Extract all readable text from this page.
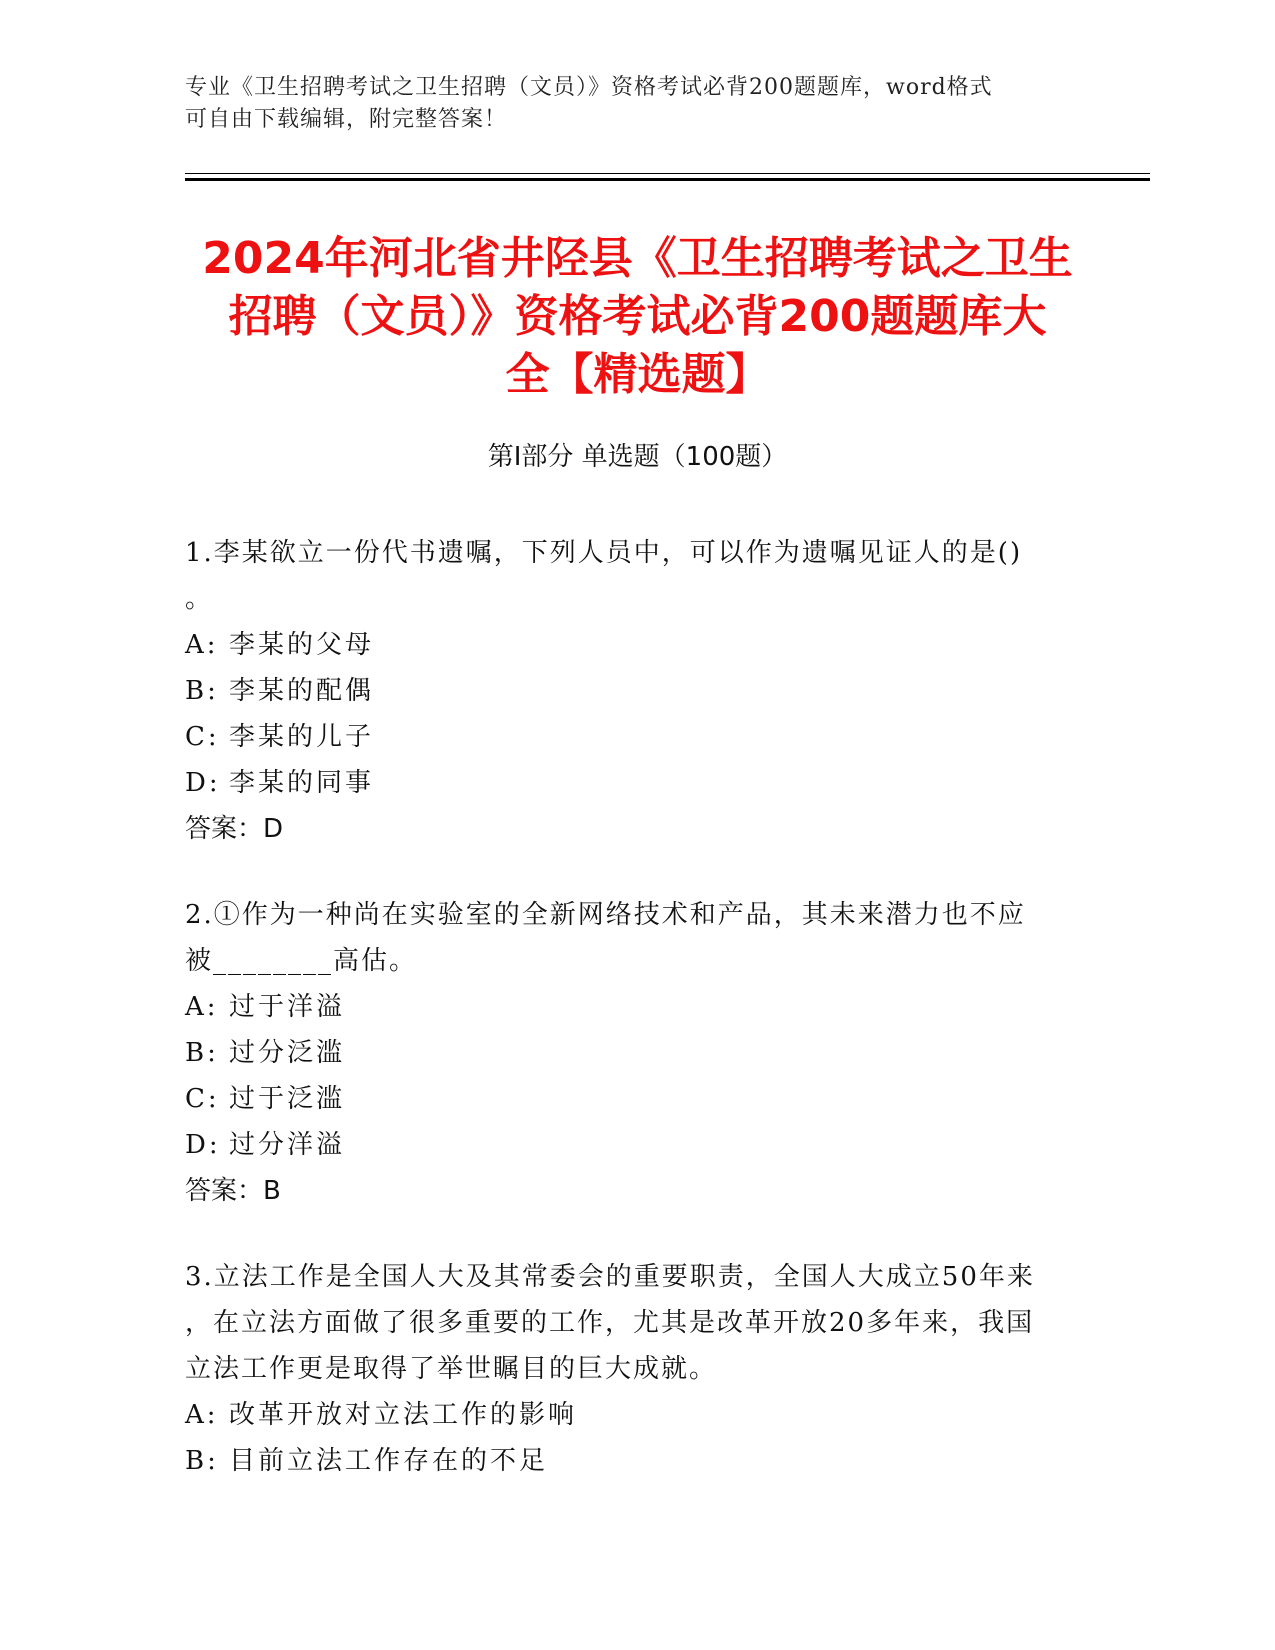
专业《卫生招聘考试之卫生招聘（文员）》资格考试必背200题题库，word格式
可自由下载编辑，附完整答案！
2024年河北省井陉县《卫生招聘考试之卫生
招聘（文员）》资格考试必背200题题库大
全【精选题】
第Ⅰ部分 单选题（100题）
1.李某欲立一份代书遗嘱，下列人员中，可以作为遗嘱见证人的是()
。
A: 李某的父母
B: 李某的配偶
C: 李某的儿子
D: 李某的同事
答案：D
2.①作为一种尚在实验室的全新网络技术和产品，其未来潜力也不应
被________高估。
A: 过于洋溢
B: 过分泛滥
C: 过于泛滥
D: 过分洋溢
答案：B
3.立法工作是全国人大及其常委会的重要职责，全国人大成立50年来
，在立法方面做了很多重要的工作，尤其是改革开放20多年来，我国
立法工作更是取得了举世瞩目的巨大成就。
A: 改革开放对立法工作的影响
B: 目前立法工作存在的不足
